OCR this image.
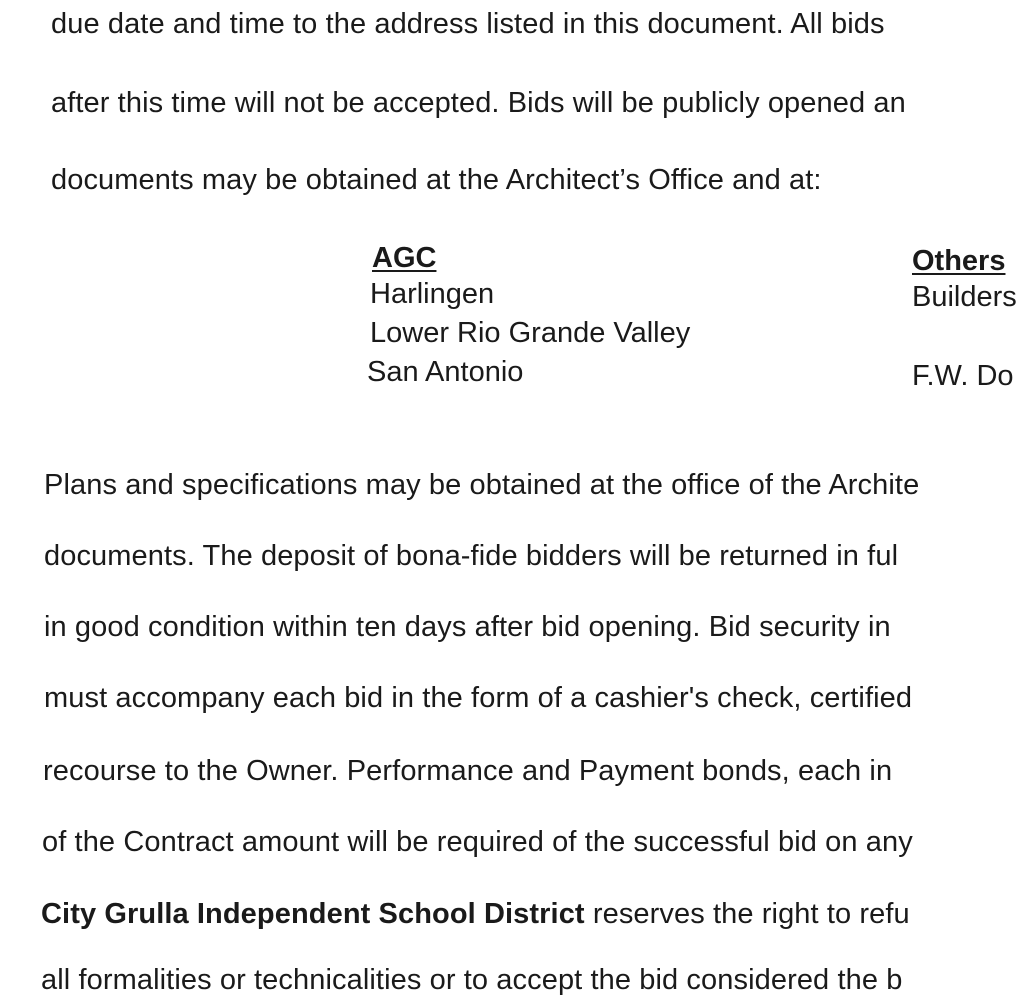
due date and time to the address listed in this document. All bids
after this time will not be accepted. Bids will be publicly opened an
documents may be obtained at the Architect’s Office and at:
AGC
Harlingen
Lower Rio Grande Valley
San Antonio
Others
Builders
F.W. Do
Plans and specifications may be obtained at the office of the Archite
documents. The deposit of bona-fide bidders will be returned in ful
in good condition within ten days after bid opening. Bid security in
must accompany each bid in the form of a cashier's check, certified
recourse to the Owner. Performance and Payment bonds, each in
of the Contract amount will be required of the successful bid on any
City Grulla Independent School District reserves the right to refu
all formalities or technicalities or to accept the bid considered the b
